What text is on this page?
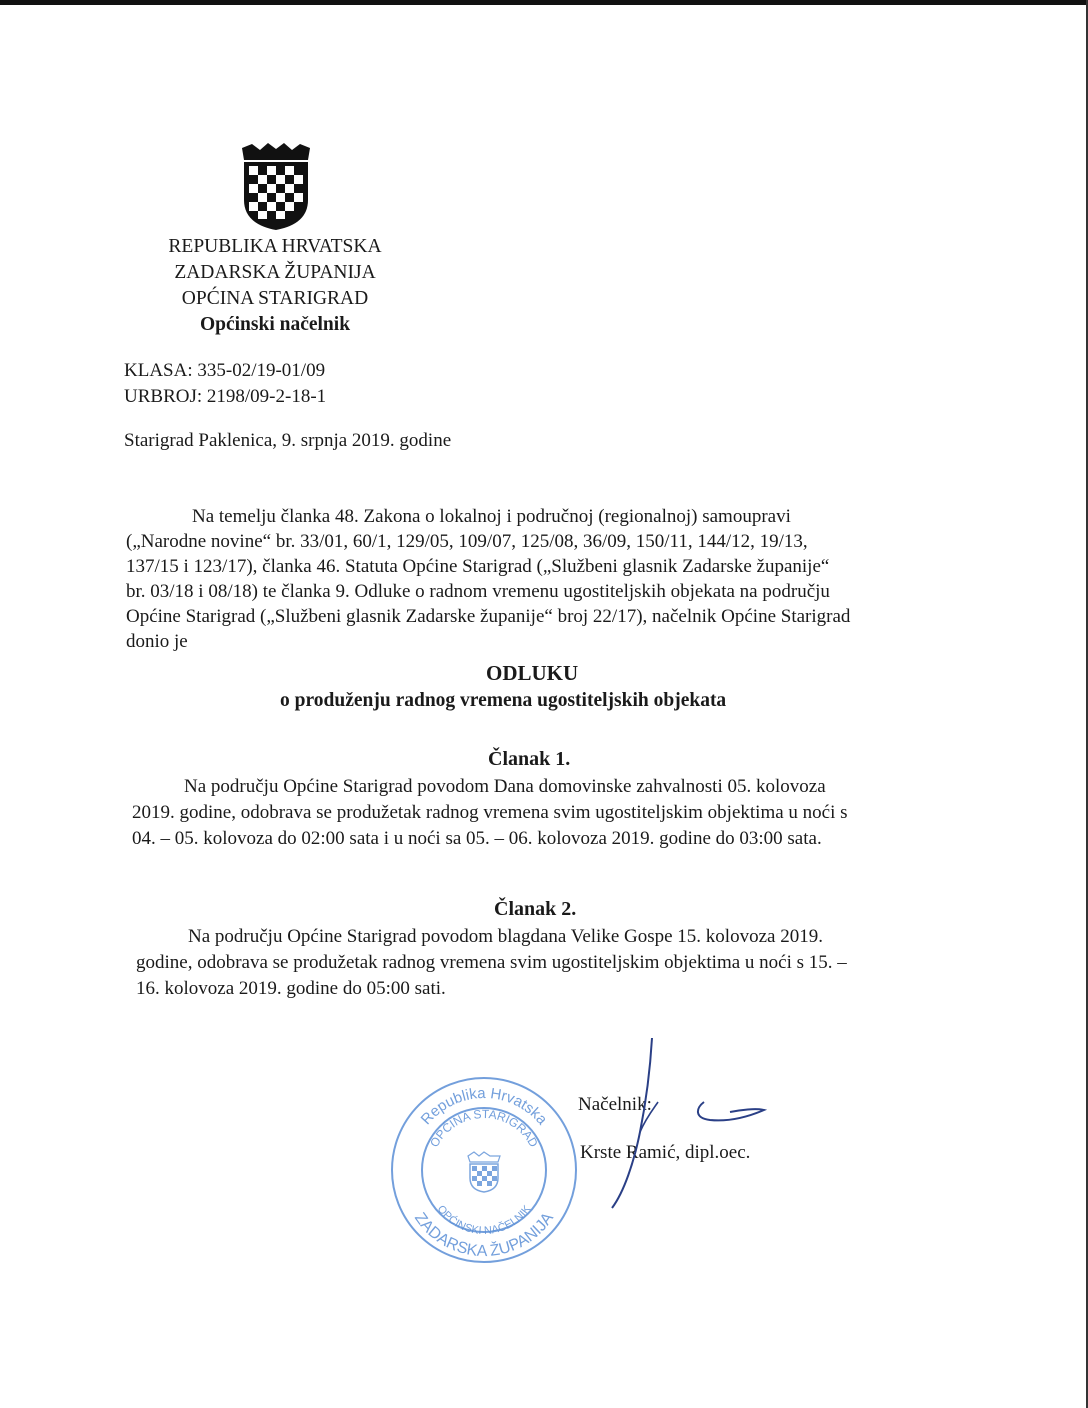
REPUBLIKA HRVATSKA
ZADARSKA ŽUPANIJA
OPĆINA STARIGRAD
Općinski načelnik
KLASA: 335-02/19-01/09
URBROJ: 2198/09-2-18-1
Starigrad Paklenica, 9. srpnja 2019. godine
Na temelju članka 48. Zakona o lokalnoj i područnoj (regionalnoj) samoupravi
(„Narodne novine“ br. 33/01, 60/1, 129/05, 109/07, 125/08, 36/09, 150/11, 144/12, 19/13,
137/15 i 123/17), članka 46. Statuta Općine Starigrad („Službeni glasnik Zadarske županije“
br. 03/18 i 08/18) te članka 9. Odluke o radnom vremenu ugostiteljskih objekata na području
Općine Starigrad („Službeni glasnik Zadarske županije“ broj 22/17), načelnik Općine Starigrad
donio je
ODLUKU
o produženju radnog vremena ugostiteljskih objekata
Članak 1.
Na području Općine Starigrad povodom Dana domovinske zahvalnosti 05. kolovoza
2019. godine, odobrava se produžetak radnog vremena svim ugostiteljskim objektima u noći s
04. – 05. kolovoza do 02:00 sata i u noći sa 05. – 06. kolovoza 2019. godine do 03:00 sata.
Članak 2.
Na području Općine Starigrad povodom blagdana Velike Gospe 15. kolovoza 2019.
godine, odobrava se produžetak radnog vremena svim ugostiteljskim objektima u noći s 15. –
16. kolovoza 2019. godine do 05:00 sati.
Republika Hrvatska
OPĆINA STARIGRAD
ZADARSKA ŽUPANIJA
OPĆINSKI NAČELNIK
Načelnik:
Krste Ramić, dipl.oec.
